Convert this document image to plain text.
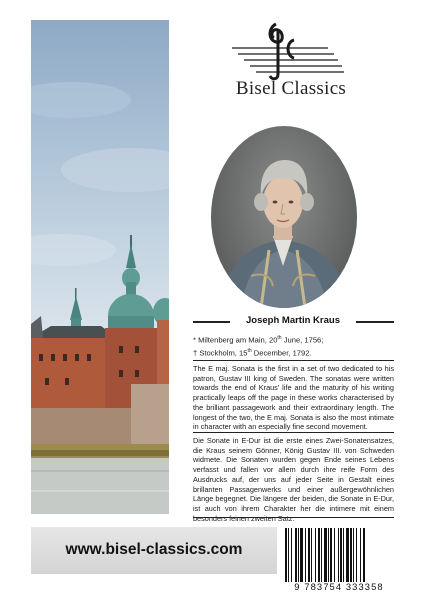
Bisel Classics
Joseph Martin Kraus
* Miltenberg am Main, 20th June, 1756;
† Stockholm, 15th December, 1792.
The E maj. Sonata is the first in a set of two dedicated to his patron, Gustav III king of Sweden. The sonatas were written towards the end of Kraus' life and the maturity of his writing practically leaps off the page in these works characterised by the brilliant passagework and their extraordinary length. The longest of the two, the E maj. Sonata is also the most intimate in character with an especially fine second movement.
Die Sonate in E-Dur ist die erste eines Zwei-Sonatensatzes, die Kraus seinem Gönner, König Gustav III. von Schweden widmete. Die Sonaten wurden gegen Ende seines Lebens verfasst und fallen vor allem durch ihre reife Form des Ausdrucks auf, der uns auf jeder Seite in Gestalt eines brillanten Passagenwerks und einer außergewöhnlichen Länge begegnet. Die längere der beiden, die Sonate in E-Dur, ist auch von ihrem Charakter her die intimere mit einem besonders feinen zweiten Satz.
www.bisel-classics.com
9 783754 333358
